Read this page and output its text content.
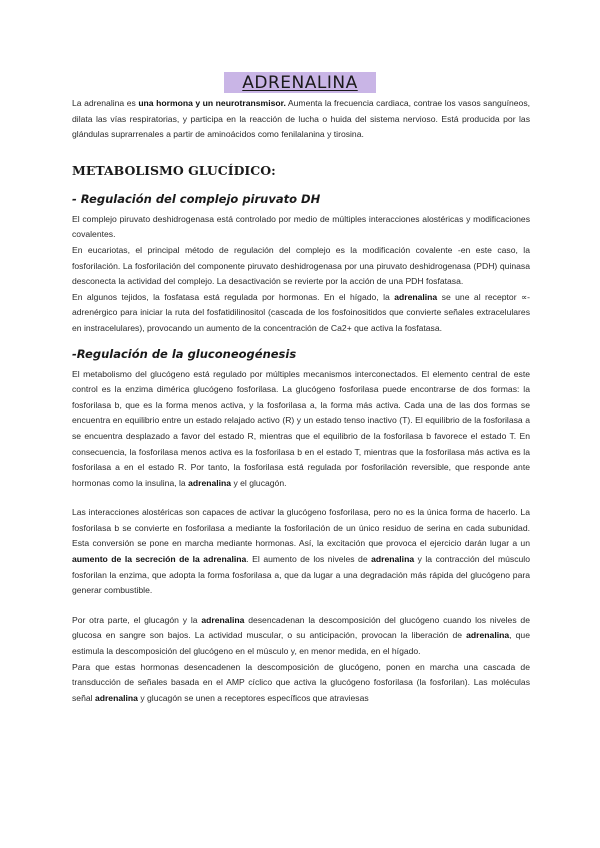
ADRENALINA

La adrenalina es una hormona y un neurotransmisor. Aumenta la frecuencia cardiaca, contrae los vasos sanguíneos, dilata las vías respiratorias, y participa en la reacción de lucha o huida del sistema nervioso. Está producida por las glándulas suprarrenales a partir de aminoácidos como fenilalanina y tirosina.

METABOLISMO GLUCÍDICO:
- Regulación del complejo piruvato DH

El complejo piruvato deshidrogenasa está controlado por medio de múltiples interacciones alostéricas y modificaciones covalentes.

En eucariotas, el principal método de regulación del complejo es la modificación covalente -en este caso, la fosforilación. La fosforilación del componente piruvato deshidrogenasa por una piruvato deshidrogenasa (PDH) quinasa desconecta la actividad del complejo. La desactivación se revierte por la acción de una PDH fosfatasa.

En algunos tejidos, la fosfatasa está regulada por hormonas. En el hígado, la adrenalina se une al receptor ∝-adrenérgico para iniciar la ruta del fosfatidilinositol (cascada de los fosfoinositidos que convierte señales extracelulares en instracelulares), provocando un aumento de la concentración de Ca2+ que activa la fosfatasa.

-Regulación de la gluconeogénesis

El metabolismo del glucógeno está regulado por múltiples mecanismos interconectados. El elemento central de este control es la enzima dimérica glucógeno fosforilasa. La glucógeno fosforilasa puede encontrarse de dos formas: la fosforilasa b, que es la forma menos activa, y la fosforilasa a, la forma más activa. Cada una de las dos formas se encuentra en equilibrio entre un estado relajado activo (R) y un estado tenso inactivo (T). El equilibrio de la fosforilasa a se encuentra desplazado a favor del estado R, mientras que el equilibrio de la fosforilasa b favorece el estado T. En consecuencia, la fosforilasa menos activa es la fosforilasa b en el estado T, mientras que la fosforilasa más activa es la fosforilasa a en el estado R. Por tanto, la fosforilasa está regulada por fosforilación reversible, que responde ante hormonas como la insulina, la adrenalina y el glucagón.

Las interacciones alostéricas son capaces de activar la glucógeno fosforilasa, pero no es la única forma de hacerlo. La fosforilasa b se convierte en fosforilasa a mediante la fosforilación de un único residuo de serina en cada subunidad. Esta conversión se pone en marcha mediante hormonas. Así, la excitación que provoca el ejercicio darán lugar a un aumento de la secreción de la adrenalina. El aumento de los niveles de adrenalina y la contracción del músculo fosforilan la enzima, que adopta la forma fosforilasa a, que da lugar a una degradación más rápida del glucógeno para generar combustible.

Por otra parte, el glucagón y la adrenalina desencadenan la descomposición del glucógeno cuando los niveles de glucosa en sangre son bajos. La actividad muscular, o su anticipación, provocan la liberación de adrenalina, que estimula la descomposición del glucógeno en el músculo y, en menor medida, en el hígado.

Para que estas hormonas desencadenen la descomposición de glucógeno, ponen en marcha una cascada de transducción de señales basada en el AMP cíclico que activa la glucógeno fosforilasa (la fosforilan). Las moléculas señal adrenalina y glucagón se unen a receptores específicos que atraviesas
